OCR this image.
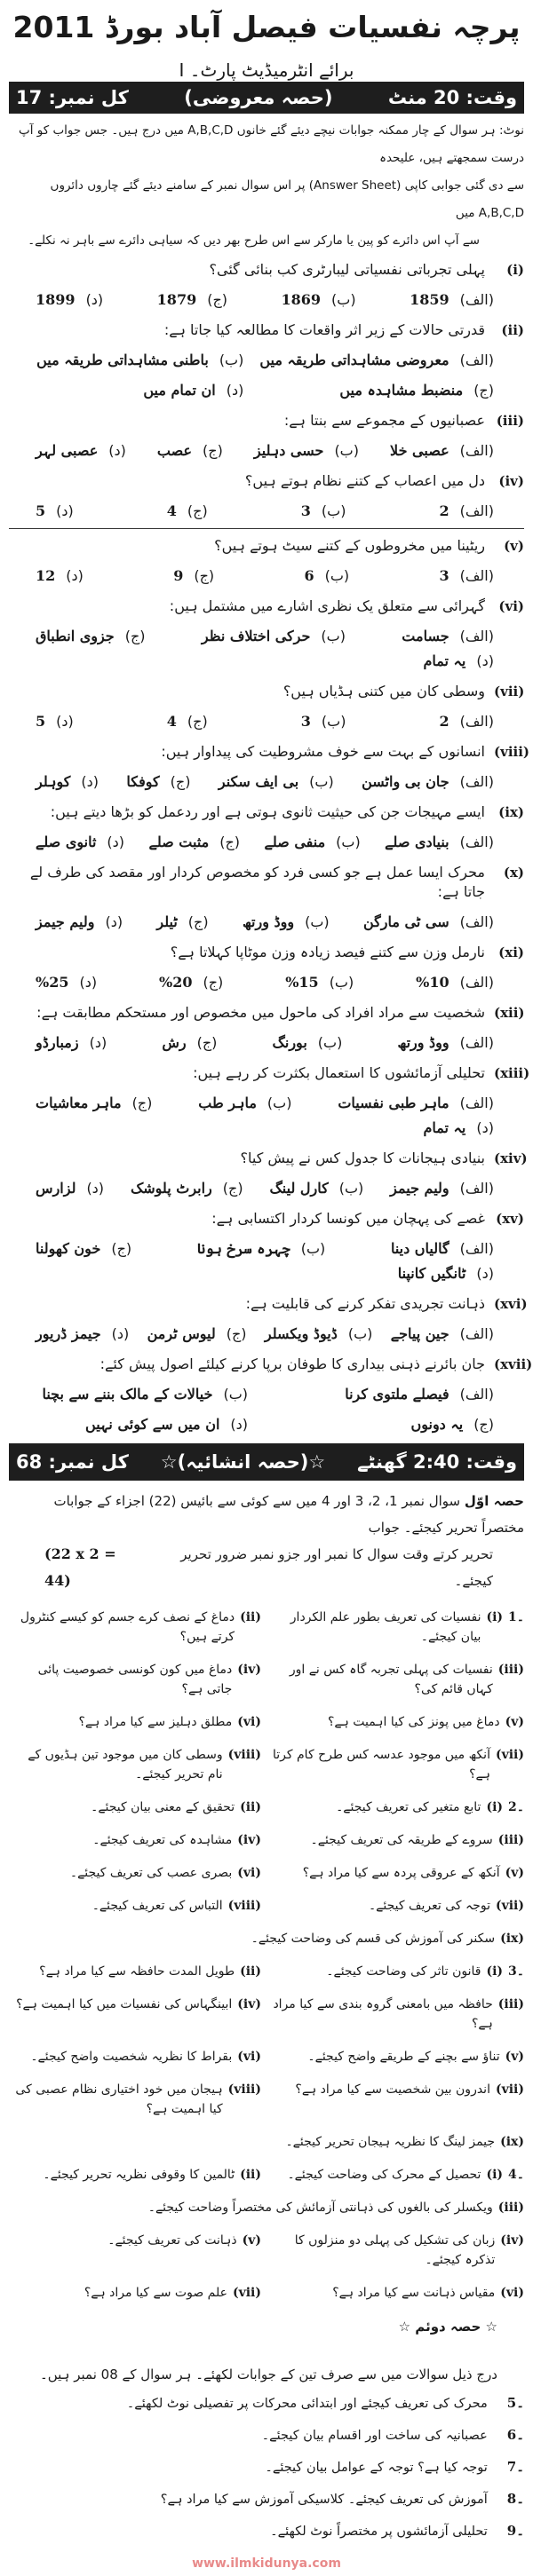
پرچہ نفسیات فیصل آباد بورڈ 2011
برائے انٹرمیڈیٹ پارٹ۔ I
وقت: 20 منٹ
(حصہ معروضی)
کل نمبر: 17
نوٹ: ہر سوال کے چار ممکنہ جوابات نیچے دیئے گئے خانوں A,B,C,D میں درج ہیں۔ جس جواب کو آپ درست سمجھتے ہیں، علیحدہ
سے دی گئی جوابی کاپی (Answer Sheet) پر اس سوال نمبر کے سامنے دیئے گئے چاروں دائروں A,B,C,D میں
سے آپ اس دائرے کو پین یا مارکر سے اس طرح بھر دیں کہ سیاہی دائرے سے باہر نہ نکلے۔
(i)
پہلی تجرباتی نفسیاتی لیبارٹری کب بنائی گئی؟
(الف)1859
(ب)1869
(ج)1879
(د)1899
(ii)
قدرتی حالات کے زیر اثر واقعات کا مطالعہ کیا جاتا ہے:
(الف)معروضی مشاہداتی طریقہ میں
(ب)باطنی مشاہداتی طریقہ میں
(ج)منضبط مشاہدہ میں
(د)ان تمام میں
(iii)
عصبانیوں کے مجموعے سے بنتا ہے:
(الف)عصبی خلا
(ب)حسی دہلیز
(ج)عصب
(د)عصبی لہر
(iv)
دل میں اعصاب کے کتنے نظام ہوتے ہیں؟
(الف)2
(ب)3
(ج)4
(د)5
(v)
ریٹینا میں مخروطوں کے کتنے سیٹ ہوتے ہیں؟
(الف)3
(ب)6
(ج)9
(د)12
(vi)
گہرائی سے متعلق یک نظری اشارے میں مشتمل ہیں:
(الف)جسامت
(ب)حرکی اختلاف نظر
(ج)جزوی انطباق
(د)یہ تمام
(vii)
وسطی کان میں کتنی ہڈیاں ہیں؟
(الف)2
(ب)3
(ج)4
(د)5
(viii)
انسانوں کے بہت سے خوف مشروطیت کی پیداوار ہیں:
(الف)جان بی واٹسن
(ب)بی ایف سکنر
(ج)کوفکا
(د)کوہلر
(ix)
ایسے مہیجات جن کی حیثیت ثانوی ہوتی ہے اور ردعمل کو بڑھا دیتے ہیں:
(الف)بنیادی صلے
(ب)منفی صلے
(ج)مثبت صلے
(د)ثانوی صلے
(x)
محرک ایسا عمل ہے جو کسی فرد کو مخصوص کردار اور مقصد کی طرف لے جاتا ہے:
(الف)سی ٹی مارگن
(ب)ووڈ ورتھ
(ج)ٹیلر
(د)ولیم جیمز
(xi)
نارمل وزن سے کتنے فیصد زیادہ وزن موٹاپا کہلاتا ہے؟
(الف)10%
(ب)15%
(ج)20%
(د)25%
(xii)
شخصیت سے مراد افراد کی ماحول میں مخصوص اور مستحکم مطابقت ہے:
(الف)ووڈ ورتھ
(ب)بورنگ
(ج)رش
(د)زمبارڈو
(xiii)
تحلیلی آزمائشوں کا استعمال بکثرت کر رہے ہیں:
(الف)ماہر طبی نفسیات
(ب)ماہر طب
(ج)ماہر معاشیات
(د)یہ تمام
(xiv)
بنیادی ہیجانات کا جدول کس نے پیش کیا؟
(الف)ولیم جیمز
(ب)کارل لینگ
(ج)رابرٹ پلوشک
(د)لزارس
(xv)
غصے کی پہچان میں کونسا کردار اکتسابی ہے:
(الف)گالیاں دینا
(ب)چہرہ سرخ ہونا
(ج)خون کھولنا
(د)ٹانگیں کانپنا
(xvi)
ذہانت تجریدی تفکر کرنے کی قابلیت ہے:
(الف)جین پیاجے
(ب)ڈیوڈ ویکسلر
(ج)لیوس ٹرمن
(د)جیمز ڈریور
(xvii)
جان بائرنے ذہنی بیداری کا طوفان برپا کرنے کیلئے اصول پیش کئے:
(الف)فیصلے ملتوی کرنا
(ب)خیالات کے مالک بننے سے بچنا
(ج)یہ دونوں
(د)ان میں سے کوئی نہیں
وقت: 2:40 گھنٹے
☆(حصہ انشائیہ)☆
کل نمبر: 68
حصہ اوّل سوال نمبر 1، 2، 3 اور 4 میں سے کوئی سے بائیس (22) اجزاء کے جوابات مختصراً تحریر کیجئے۔ جواب
تحریر کرتے وقت سوال کا نمبر اور جزو نمبر ضرور تحریر کیجئے۔
(22 x 2 = 44)
1۔
(i)
نفسیات کی تعریف بطور علم الکردار بیان کیجئے۔
(ii)
دماغ کے نصف کرے جسم کو کیسے کنٹرول کرتے ہیں؟
(iii)
نفسیات کی پہلی تجربہ گاہ کس نے اور کہاں قائم کی؟
(iv)
دماغ میں کون کونسی خصوصیت پائی جاتی ہے؟
(v)
دماغ میں پونز کی کیا اہمیت ہے؟
(vi)
مطلق دہلیز سے کیا مراد ہے؟
(vii)
آنکھ میں موجود عدسہ کس طرح کام کرتا ہے؟
(viii)
وسطی کان میں موجود تین ہڈیوں کے نام تحریر کیجئے۔
2۔
(i)
تابع متغیر کی تعریف کیجئے۔
(ii)
تحقیق کے معنی بیان کیجئے۔
(iii)
سروے کے طریقہ کی تعریف کیجئے۔
(iv)
مشاہدہ کی تعریف کیجئے۔
(v)
آنکھ کے عروقی پردہ سے کیا مراد ہے؟
(vi)
بصری عصب کی تعریف کیجئے۔
(vii)
توجہ کی تعریف کیجئے۔
(viii)
التباس کی تعریف کیجئے۔
(ix)
سکنر کی آموزش کی قسم کی وضاحت کیجئے۔
3۔
(i)
قانون تاثر کی وضاحت کیجئے۔
(ii)
طویل المدت حافظہ سے کیا مراد ہے؟
(iii)
حافظہ میں بامعنی گروہ بندی سے کیا مراد ہے؟
(iv)
ابینگہاس کی نفسیات میں کیا اہمیت ہے؟
(v)
تناؤ سے بچنے کے طریقے واضح کیجئے۔
(vi)
بقراط کا نظریہ شخصیت واضح کیجئے۔
(vii)
اندرون بین شخصیت سے کیا مراد ہے؟
(viii)
ہیجان میں خود اختیاری نظام عصبی کی کیا اہمیت ہے؟
(ix)
جیمز لینگ کا نظریہ ہیجان تحریر کیجئے۔
4۔
(i)
تحصیل کے محرک کی وضاحت کیجئے۔
(ii)
ٹالمین کا وقوفی نظریہ تحریر کیجئے۔
(iii)
ویکسلر کی بالغوں کی ذہانتی آزمائش کی مختصراً وضاحت کیجئے۔
(iv)
زبان کی تشکیل کی پہلی دو منزلوں کا تذکرہ کیجئے۔
(v)
ذہانت کی تعریف کیجئے۔
(vi)
مقیاس ذہانت سے کیا مراد ہے؟
(vii)
علم صوت سے کیا مراد ہے؟
☆ حصہ دوئم ☆
درج ذیل سوالات میں سے صرف تین کے جوابات لکھئے۔ ہر سوال کے 08 نمبر ہیں۔
5۔
محرک کی تعریف کیجئے اور ابتدائی محرکات پر تفصیلی نوٹ لکھئے۔
6۔
عصبانیہ کی ساخت اور اقسام بیان کیجئے۔
7۔
توجہ کیا ہے؟ توجہ کے عوامل بیان کیجئے۔
8۔
آموزش کی تعریف کیجئے۔ کلاسیکی آموزش سے کیا مراد ہے؟
9۔
تحلیلی آزمائشوں پر مختصراً نوٹ لکھئے۔
www.ilmkidunya.com
